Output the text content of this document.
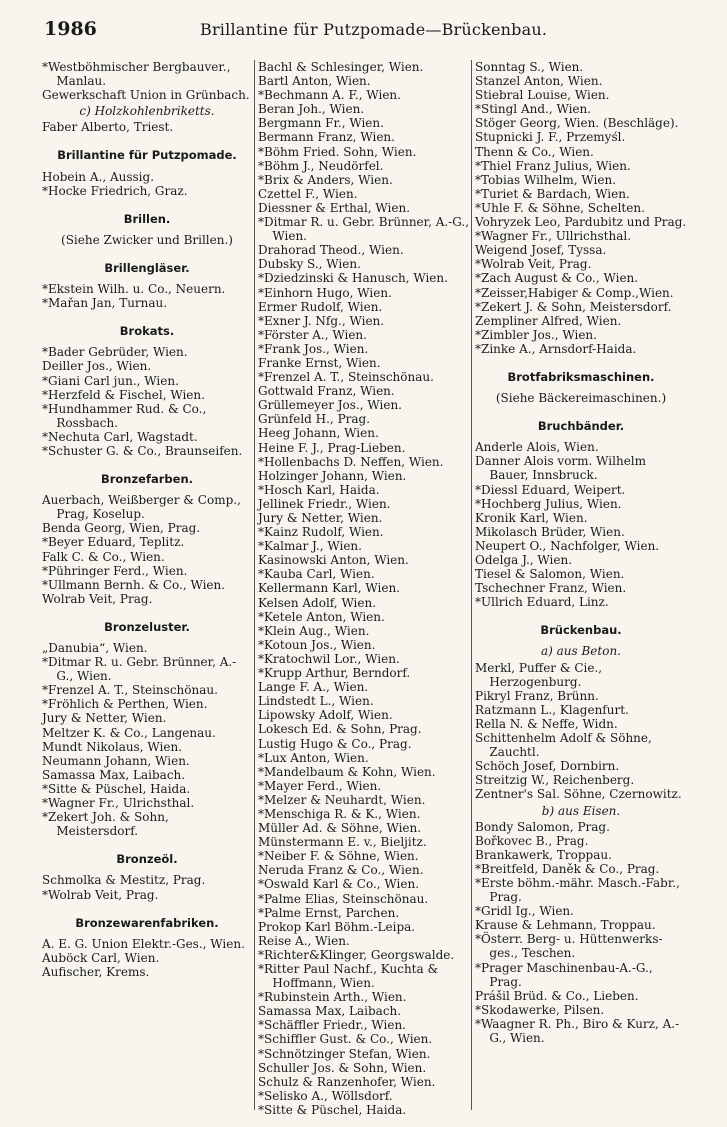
1986	Brillantine für Putzpomade—Brückenbau.
*Westböhmischer Bergbauver., Manlau.
Gewerkschaft Union in Grünbach.
c) Holzkohlenbriketts.
Faber Alberto, Triest.
Brillantine für Putzpomade.
Hobein A., Aussig.
*Hocke Friedrich, Graz.
Brillen.
(Siehe Zwicker und Brillen.)
Brillengläser.
*Ekstein Wilh. u. Co., Neuern.
*Mařan Jan, Turnau.
Brokats.
*Bader Gebrüder, Wien.
Deiller Jos., Wien.
*Giani Carl jun., Wien.
*Herzfeld & Fischel, Wien.
*Hundhammer Rud. & Co., Rossbach.
*Nechuta Carl, Wagstadt.
*Schuster G. & Co., Braunseifen.
Bronzefarben.
Auerbach, Weißberger & Comp., Prag, Koselup.
Benda Georg, Wien, Prag.
*Beyer Eduard, Teplitz.
Falk C. & Co., Wien.
*Pühringer Ferd., Wien.
*Ullmann Bernh. & Co., Wien.
Wolrab Veit, Prag.
Bronzeluster.
„Danubia“, Wien.
*Ditmar R. u. Gebr. Brünner, A.-G., Wien.
*Frenzel A. T., Steinschönau.
*Fröhlich & Perthen, Wien.
Jury & Netter, Wien.
Meltzer K. & Co., Langenau.
Mundt Nikolaus, Wien.
Neumann Johann, Wien.
Samassa Max, Laibach.
*Sitte & Püschel, Haida.
*Wagner Fr., Ulrichsthal.
*Zekert Joh. & Sohn, Meistersdorf.
Bronzeöl.
Schmolka & Mestitz, Prag.
*Wolrab Veit, Prag.
Bronzewarenfabriken.
A. E. G. Union Elektr.-Ges., Wien.
Auböck Carl, Wien.
Aufischer, Krems.
Bachl & Schlesinger, Wien.
Bartl Anton, Wien.
*Bechmann A. F., Wien.
Beran Joh., Wien.
Bergmann Fr., Wien.
Bermann Franz, Wien.
*Böhm Fried. Sohn, Wien.
*Böhm J., Neudörfel.
*Brix & Anders, Wien.
Czettel F., Wien.
Diessner & Erthal, Wien.
*Ditmar R. u. Gebr. Brünner, A.-G., Wien.
Drahorad Theod., Wien.
Dubsky S., Wien.
*Dziedzinski & Hanusch, Wien.
*Einhorn Hugo, Wien.
Ermer Rudolf, Wien.
*Exner J. Nfg., Wien.
*Förster A., Wien.
*Frank Jos., Wien.
Franke Ernst, Wien.
*Frenzel A. T., Steinschönau.
Gottwald Franz, Wien.
Grüllemeyer Jos., Wien.
Grünfeld H., Prag.
Heeg Johann, Wien.
Heine F. J., Prag-Lieben.
*Hollenbachs D. Neffen, Wien.
Holzinger Johann, Wien.
*Hosch Karl, Haida.
Jellinek Friedr., Wien.
Jury & Netter, Wien.
*Kainz Rudolf, Wien.
*Kalmar J., Wien.
Kasinowski Anton, Wien.
*Kauba Carl, Wien.
Kellermann Karl, Wien.
Kelsen Adolf, Wien.
*Ketele Anton, Wien.
*Klein Aug., Wien.
*Kotoun Jos., Wien.
*Kratochwil Lor., Wien.
*Krupp Arthur, Berndorf.
Lange F. A., Wien.
Lindstedt L., Wien.
Lipowsky Adolf, Wien.
Lokesch Ed. & Sohn, Prag.
Lustig Hugo & Co., Prag.
*Lux Anton, Wien.
*Mandelbaum & Kohn, Wien.
*Mayer Ferd., Wien.
*Melzer & Neuhardt, Wien.
*Menschiga R. & K., Wien.
Müller Ad. & Söhne, Wien.
Münstermann E. v., Bieljitz.
*Neiber F. & Söhne, Wien.
Neruda Franz & Co., Wien.
*Oswald Karl & Co., Wien.
*Palme Elias, Steinschönau.
*Palme Ernst, Parchen.
Prokop Karl Böhm.-Leipa.
Reise A., Wien.
*Richter&Klinger, Georgswalde.
*Ritter Paul Nachf., Kuchta & Hoffmann, Wien.
*Rubinstein Arth., Wien.
Samassa Max, Laibach.
*Schäffler Friedr., Wien.
*Schiffler Gust. & Co., Wien.
*Schnötzinger Stefan, Wien.
Schuller Jos. & Sohn, Wien.
Schulz & Ranzenhofer, Wien.
*Selisko A., Wöllsdorf.
*Sitte & Püschel, Haida.
Sonntag S., Wien.
Stanzel Anton, Wien.
Stiebral Louise, Wien.
*Stingl And., Wien.
Stöger Georg, Wien. (Beschläge).
Stupnicki J. F., Przemyśl.
Thenn & Co., Wien.
*Thiel Franz Julius, Wien.
*Tobias Wilhelm, Wien.
*Turiet & Bardach, Wien.
*Uhle F. & Söhne, Schelten.
Vohryzek Leo, Pardubitz und Prag.
*Wagner Fr., Ullrichsthal.
Weigend Josef, Tyssa.
*Wolrab Veit, Prag.
*Zach August & Co., Wien.
*Zeisser,Habiger & Comp.,Wien.
*Zekert J. & Sohn, Meistersdorf.
Zempliner Alfred, Wien.
*Zimbler Jos., Wien.
*Zinke A., Arnsdorf-Haida.
Brotfabriksmaschinen.
(Siehe Bäckereimaschinen.)
Bruchbänder.
Anderle Alois, Wien.
Danner Alois vorm. Wilhelm Bauer, Innsbruck.
*Diessl Eduard, Weipert.
*Hochberg Julius, Wien.
Kronik Karl, Wien.
Mikolasch Brüder, Wien.
Neupert O., Nachfolger, Wien.
Odelga J., Wien.
Tiesel & Salomon, Wien.
Tschechner Franz, Wien.
*Ullrich Eduard, Linz.
Brückenbau.
a) aus Beton.
Merkl, Puffer & Cie., Herzogenburg.
Pikryl Franz, Brünn.
Ratzmann L., Klagenfurt.
Rella N. & Neffe, Widn.
Schittenhelm Adolf & Söhne, Zauchtl.
Schöch Josef, Dornbirn.
Streitzig W., Reichenberg.
Zentner's Sal. Söhne, Czernowitz.
b) aus Eisen.
Bondy Salomon, Prag.
Bořkovec B., Prag.
Brankawerk, Troppau.
*Breitfeld, Daněk & Co., Prag.
*Erste böhm.-mähr. Masch.-Fabr., Prag.
*Gridl Ig., Wien.
Krause & Lehmann, Troppau.
*Österr. Berg- u. Hüttenwerks-ges., Teschen.
*Prager Maschinenbau-A.-G., Prag.
Prášil Brüd. & Co., Lieben.
*Skodawerke, Pilsen.
*Waagner R. Ph., Biro & Kurz, A.-G., Wien.
